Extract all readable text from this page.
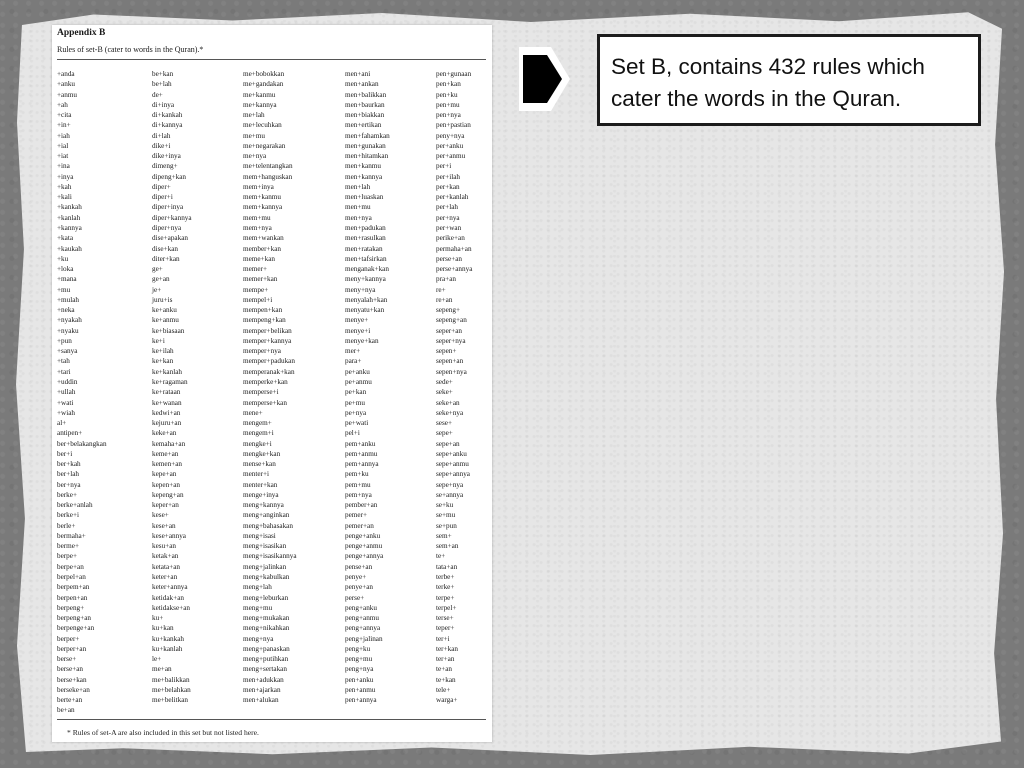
Appendix B
Rules of set-B (cater to words in the Quran).*
+anda
+anku
+anmu
+ah
+cita
+in+
+iah
+ial
+iat
+ina
+inya
+kah
+kali
+kankah
+kanlah
+kannya
+kata
+kaukah
+ku
+loka
+mana
+mu
+mulah
+neka
+nyakah
+nyaku
+pun
+sanya
+tah
+tari
+uddin
+ullah
+wati
+wiah
al+
antipen+
ber+belakangkan
ber+i
ber+kah
ber+lah
ber+nya
berke+
berke+anlah
berke+i
berle+
bermaha+
berme+
berpe+
berpe+an
berpel+an
berpem+an
berpen+an
berpeng+
berpeng+an
berpenge+an
berper+
berper+an
berse+
berse+an
berse+kan
berseke+an
berte+an
be+an
be+kan
be+lah
de+
di+inya
di+kankah
di+kannya
di+lah
dike+i
dike+inya
dimeng+
dipeng+kan
diper+
diper+i
diper+inya
diper+kannya
diper+nya
dise+apakan
dise+kan
diter+kan
ge+
ge+an
je+
juru+is
ke+anku
ke+anmu
ke+biasaan
ke+i
ke+ilah
ke+kan
ke+kanlah
ke+ragaman
ke+rataan
ke+wanan
kedwi+an
kejuru+an
keke+an
kemaha+an
keme+an
kemen+an
kepe+an
kepen+an
kepeng+an
keper+an
kese+
kese+an
kese+annya
kesu+an
ketak+an
ketata+an
keter+an
keter+annya
ketidak+an
ketidakse+an
ku+
ku+kan
ku+kankah
ku+kanlah
le+
me+an
me+balikkan
me+belahkan
me+belitkan
me+bobokkan
me+gandakan
me+kanmu
me+kannya
me+lah
me+lecuhkan
me+mu
me+negarakan
me+nya
me+telentangkan
mem+hanguskan
mem+inya
mem+kanmu
mem+kannya
mem+mu
mem+nya
mem+wankan
member+kan
meme+kan
memer+
memer+kan
mempe+
mempel+i
mempen+kan
mempeng+kan
memper+belikan
memper+kannya
memper+nya
memper+padukan
memperanak+kan
memperke+kan
memperse+i
memperse+kan
mene+
mengem+
mengem+i
mengke+i
mengke+kan
mense+kan
menter+i
menter+kan
menge+inya
meng+kannya
meng+anginkan
meng+bahasakan
meng+isasi
meng+isasikan
meng+isasikannya
meng+jalinkan
meng+kabulkan
meng+lah
meng+leburkan
meng+mu
meng+mukakan
meng+nikahkan
meng+nya
meng+panaskan
meng+putihkan
meng+sertakan
men+adukkan
men+ajarkan
men+alukan
men+ani
men+ankan
men+balikkan
men+baurkan
men+biakkan
men+ertikan
men+fahamkan
men+gunakan
men+hitamkan
men+kanmu
men+kannya
men+lah
men+luaskan
men+mu
men+nya
men+padukan
men+rasulkan
men+ratakan
men+tafsirkan
menganak+kan
meny+kannya
meny+nya
menyalah+kan
menyatu+kan
menye+
menye+i
menye+kan
mer+
para+
pe+anku
pe+anmu
pe+kan
pe+mu
pe+nya
pe+wati
pel+i
pem+anku
pem+anmu
pem+annya
pem+ku
pem+mu
pem+nya
pember+an
pemer+
pemer+an
penge+anku
penge+anmu
penge+annya
pense+an
penye+
penye+an
perse+
peng+anku
peng+anmu
peng+annya
peng+jalinan
peng+ku
peng+mu
peng+nya
pen+anku
pen+anmu
pen+annya
pen+gunaan
pen+kan
pen+ku
pen+mu
pen+nya
pen+pastian
peny+nya
per+anku
per+anmu
per+i
per+ilah
per+kan
per+kanlah
per+lah
per+nya
per+wan
perike+an
permaha+an
perse+an
perse+annya
pra+an
re+
re+an
sepeng+
sepeng+an
seper+an
seper+nya
sepen+
sepen+an
sepen+nya
sede+
seke+
seke+an
seke+nya
sese+
sepe+
sepe+an
sepe+anku
sepe+anmu
sepe+annya
sepe+nya
se+annya
se+ku
se+mu
se+pun
sem+
sem+an
te+
tata+an
terbe+
terke+
terpe+
terpel+
terse+
teper+
ter+i
ter+kan
ter+an
te+an
te+kan
tele+
warga+
* Rules of set-A are also included in this set but not listed here.
Set B, contains 432 rules which cater the words in the Quran.
